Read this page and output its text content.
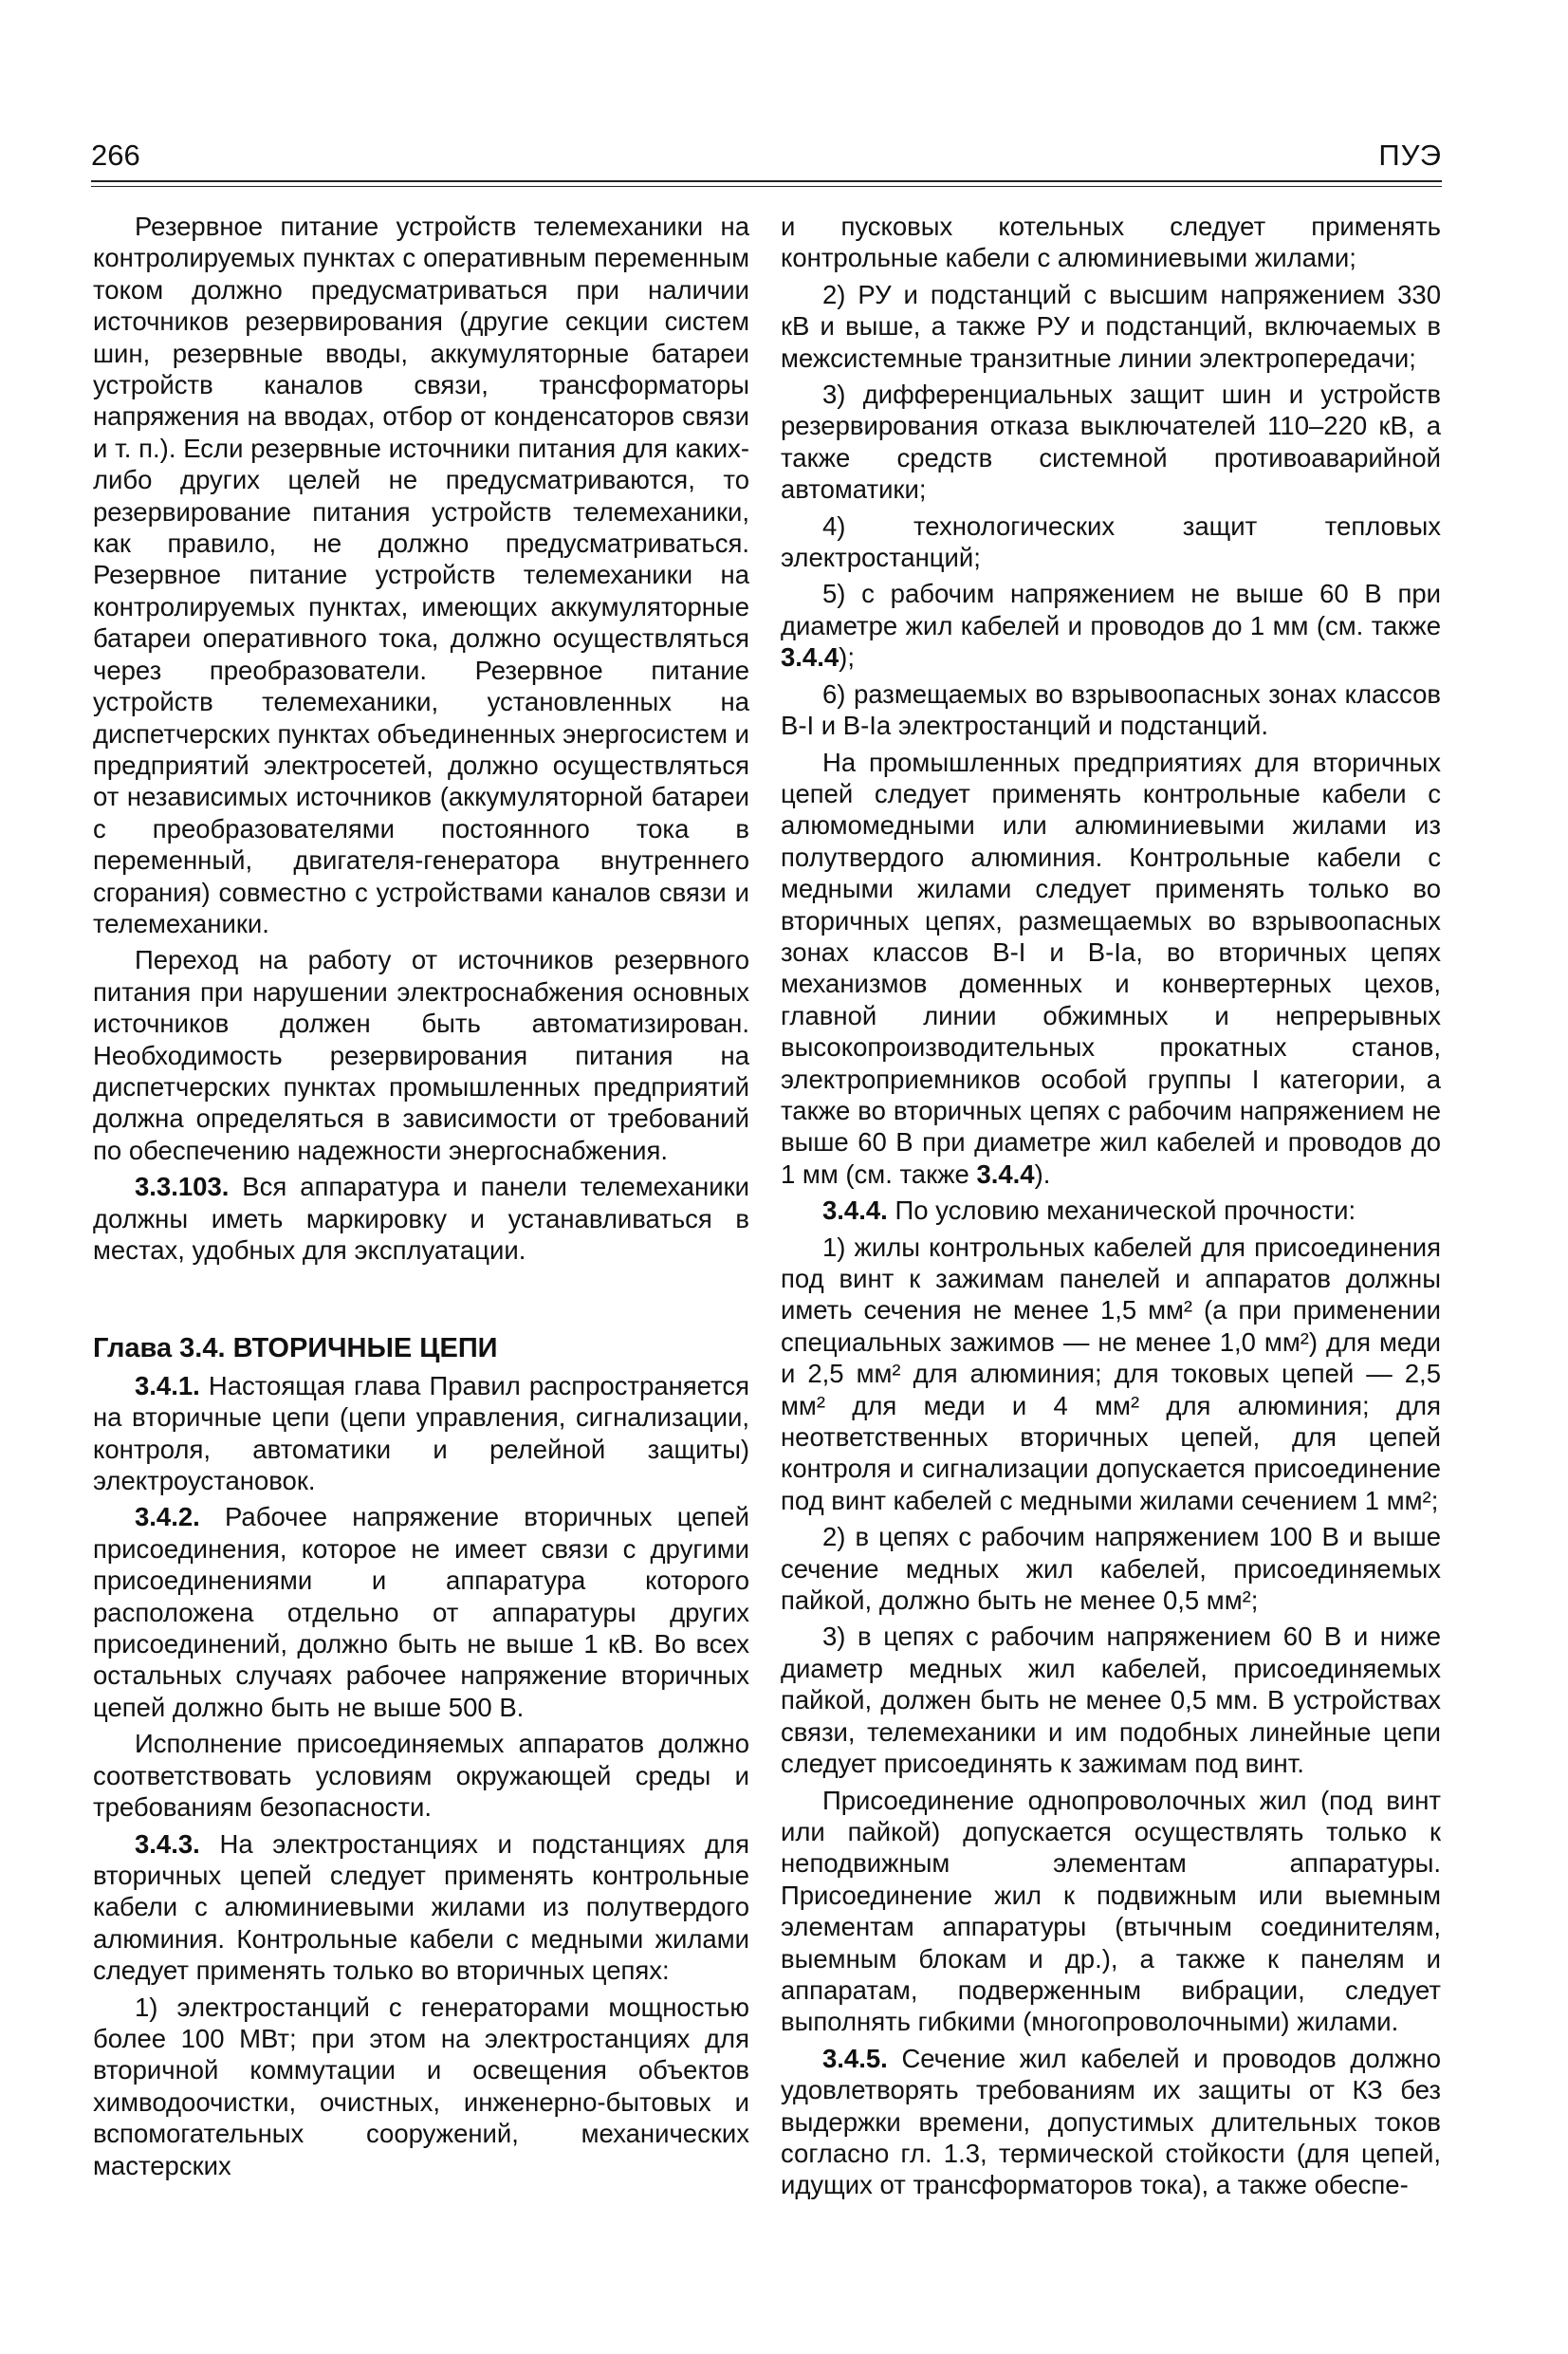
266	ПУЭ

Резервное питание устройств телемеханики на контролируемых пунктах с оперативным переменным током должно предусматриваться при наличии источников резервирования (другие секции систем шин, резервные вводы, аккумуляторные батареи устройств каналов связи, трансформаторы напряжения на вводах, отбор от конденсаторов связи и т. п.). Если резервные источники питания для каких-либо других целей не предусматриваются, то резервирование питания устройств телемеханики, как правило, не должно предусматриваться. Резервное питание устройств телемеханики на контролируемых пунктах, имеющих аккумуляторные батареи оперативного тока, должно осуществляться через преобразователи. Резервное питание устройств телемеханики, установленных на диспетчерских пунктах объединенных энергосистем и предприятий электросетей, должно осуществляться от независимых источников (аккумуляторной батареи с преобразователями постоянного тока в переменный, двигателя-генератора внутреннего сгорания) совместно с устройствами каналов связи и телемеханики.

Переход на работу от источников резервного питания при нарушении электроснабжения основных источников должен быть автоматизирован. Необходимость резервирования питания на диспетчерских пунктах промышленных предприятий должна определяться в зависимости от требований по обеспечению надежности энергоснабжения.

3.3.103. Вся аппаратура и панели телемеханики должны иметь маркировку и устанавливаться в местах, удобных для эксплуатации.

Глава 3.4. ВТОРИЧНЫЕ ЦЕПИ

3.4.1. Настоящая глава Правил распространяется на вторичные цепи (цепи управления, сигнализации, контроля, автоматики и релейной защиты) электроустановок.

3.4.2. Рабочее напряжение вторичных цепей присоединения, которое не имеет связи с другими присоединениями и аппаратура которого расположена отдельно от аппаратуры других присоединений, должно быть не выше 1 кВ. Во всех остальных случаях рабочее напряжение вторичных цепей должно быть не выше 500 В.

Исполнение присоединяемых аппаратов должно соответствовать условиям окружающей среды и требованиям безопасности.

3.4.3. На электростанциях и подстанциях для вторичных цепей следует применять контрольные кабели с алюминиевыми жилами из полутвердого алюминия. Контрольные кабели с медными жилами следует применять только во вторичных цепях:

1) электростанций с генераторами мощностью более 100 МВт; при этом на электростанциях для вторичной коммутации и освещения объектов химводоочистки, очистных, инженерно-бытовых и вспомогательных сооружений, механических мастерских

и пусковых котельных следует применять контрольные кабели с алюминиевыми жилами;

2) РУ и подстанций с высшим напряжением 330 кВ и выше, а также РУ и подстанций, включаемых в межсистемные транзитные линии электропередачи;

3) дифференциальных защит шин и устройств резервирования отказа выключателей 110–220 кВ, а также средств системной противоаварийной автоматики;

4) технологических защит тепловых электростанций;

5) с рабочим напряжением не выше 60 В при диаметре жил кабелей и проводов до 1 мм (см. также 3.4.4);

6) размещаемых во взрывоопасных зонах классов В-I и В-Iа электростанций и подстанций.

На промышленных предприятиях для вторичных цепей следует применять контрольные кабели с алюмомедными или алюминиевыми жилами из полутвердого алюминия. Контрольные кабели с медными жилами следует применять только во вторичных цепях, размещаемых во взрывоопасных зонах классов В-I и В-Iа, во вторичных цепях механизмов доменных и конвертерных цехов, главной линии обжимных и непрерывных высокопроизводительных прокатных станов, электроприемников особой группы I категории, а также во вторичных цепях с рабочим напряжением не выше 60 В при диаметре жил кабелей и проводов до 1 мм (см. также 3.4.4).

3.4.4. По условию механической прочности:

1) жилы контрольных кабелей для присоединения под винт к зажимам панелей и аппаратов должны иметь сечения не менее 1,5 мм² (а при применении специальных зажимов — не менее 1,0 мм²) для меди и 2,5 мм² для алюминия; для токовых цепей — 2,5 мм² для меди и 4 мм² для алюминия; для неответственных вторичных цепей, для цепей контроля и сигнализации допускается присоединение под винт кабелей с медными жилами сечением 1 мм²;

2) в цепях с рабочим напряжением 100 В и выше сечение медных жил кабелей, присоединяемых пайкой, должно быть не менее 0,5 мм²;

3) в цепях с рабочим напряжением 60 В и ниже диаметр медных жил кабелей, присоединяемых пайкой, должен быть не менее 0,5 мм. В устройствах связи, телемеханики и им подобных линейные цепи следует присоединять к зажимам под винт.

Присоединение однопроволочных жил (под винт или пайкой) допускается осуществлять только к неподвижным элементам аппаратуры. Присоединение жил к подвижным или выемным элементам аппаратуры (втычным соединителям, выемным блокам и др.), а также к панелям и аппаратам, подверженным вибрации, следует выполнять гибкими (многопроволочными) жилами.

3.4.5. Сечение жил кабелей и проводов должно удовлетворять требованиям их защиты от КЗ без выдержки времени, допустимых длительных токов согласно гл. 1.3, термической стойкости (для цепей, идущих от трансформаторов тока), а также обеспе-
